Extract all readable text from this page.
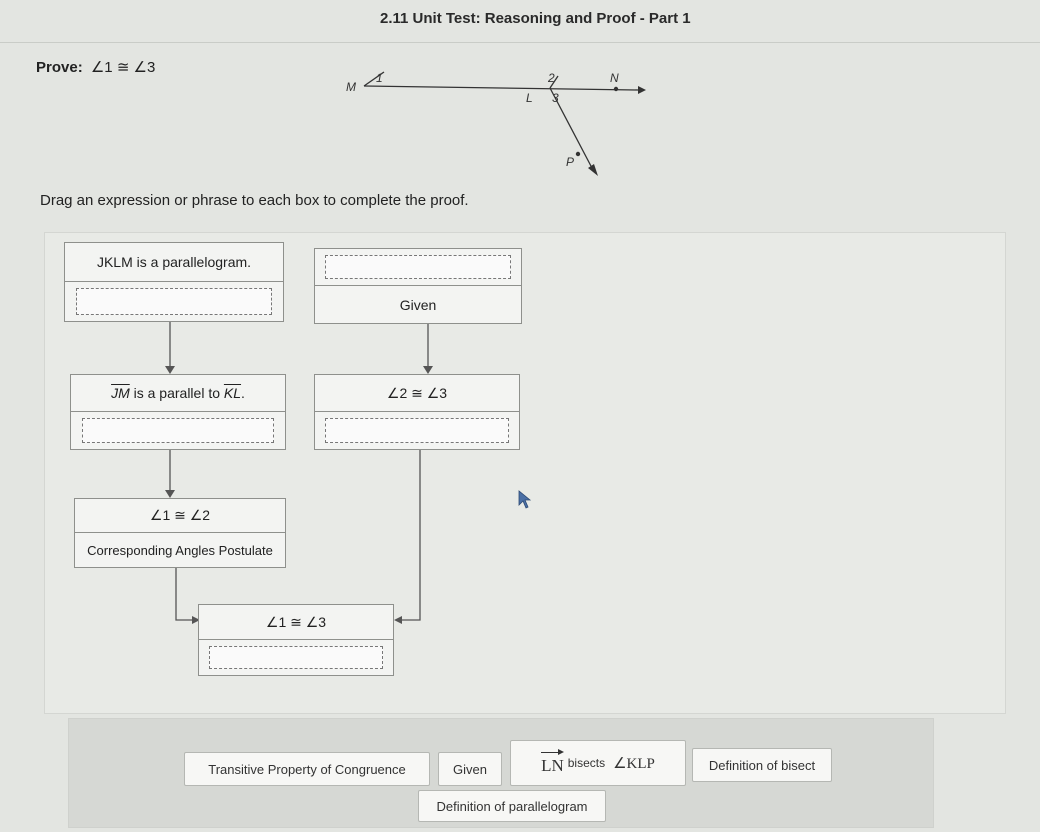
2.11 Unit Test: Reasoning and Proof - Part 1
Prove: ∠1 ≅ ∠3
M
1	2	N
L 3
P
Drag an expression or phrase to each box to complete the proof.
JKLM is a parallelogram.
Given
$\overline{JM}$ is a parallel to $\overline{KL}$ .	∠2 ≅ ∠3
∠1 ≅ ∠2
Corresponding Angles Postulate
∠1 ≅ ∠3
Transitive Property of Congruence	Given	LN bisects ∠KLP	Definition of bisect
Definition of parallelogram
